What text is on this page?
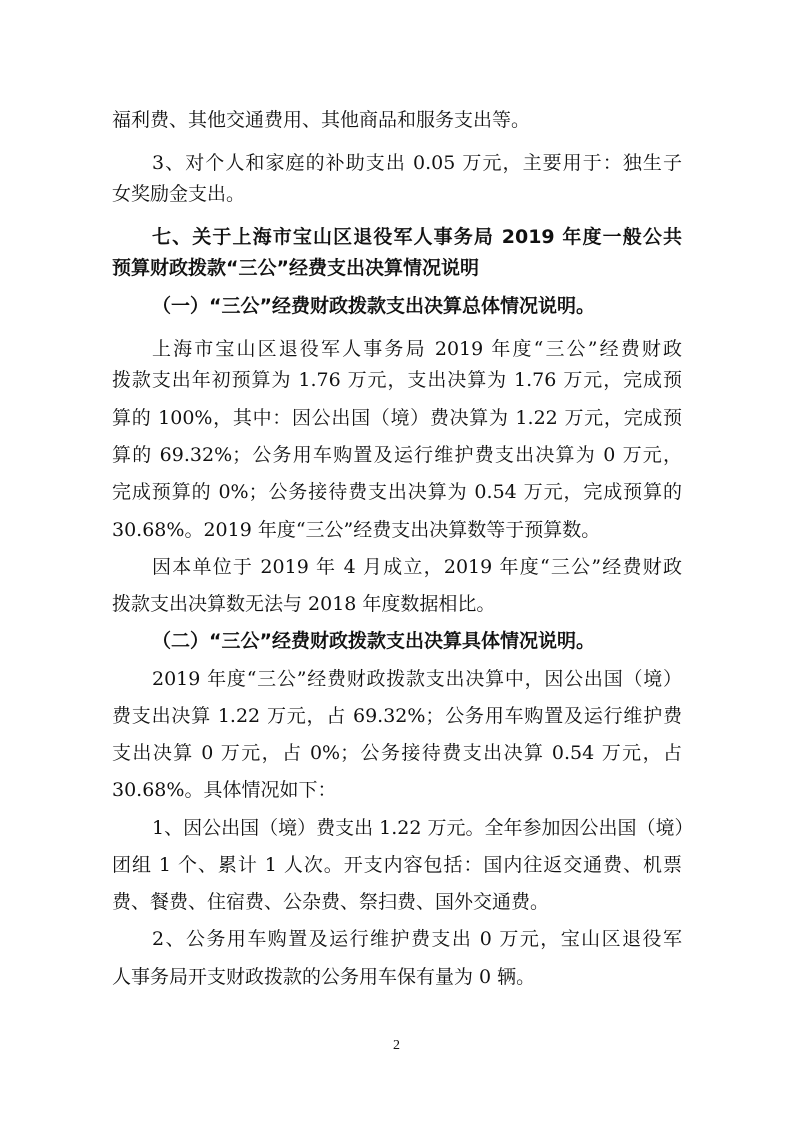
福利费、其他交通费用、其他商品和服务支出等。
3、对个人和家庭的补助支出 0.05 万元，主要用于：独生子
女奖励金支出。
七、关于上海市宝山区退役军人事务局 2019 年度一般公共
预算财政拨款“三公”经费支出决算情况说明
（一）“三公”经费财政拨款支出决算总体情况说明。
上海市宝山区退役军人事务局 2019 年度“三公”经费财政
拨款支出年初预算为 1.76 万元，支出决算为 1.76 万元，完成预
算的 100%，其中：因公出国（境）费决算为 1.22 万元，完成预
算的 69.32%；公务用车购置及运行维护费支出决算为 0 万元，
完成预算的 0%；公务接待费支出决算为 0.54 万元，完成预算的
30.68%。2019 年度“三公”经费支出决算数等于预算数。
因本单位于 2019 年 4 月成立，2019 年度“三公”经费财政
拨款支出决算数无法与 2018 年度数据相比。
（二）“三公”经费财政拨款支出决算具体情况说明。
2019 年度“三公”经费财政拨款支出决算中，因公出国（境）
费支出决算 1.22 万元，占 69.32%；公务用车购置及运行维护费
支出决算 0 万元，占 0%；公务接待费支出决算 0.54 万元，占
30.68%。具体情况如下：
1、因公出国（境）费支出 1.22 万元。全年参加因公出国（境）
团组 1 个、累计 1 人次。开支内容包括：国内往返交通费、机票
费、餐费、住宿费、公杂费、祭扫费、国外交通费。
2、公务用车购置及运行维护费支出 0 万元，宝山区退役军
人事务局开支财政拨款的公务用车保有量为 0 辆。
2
